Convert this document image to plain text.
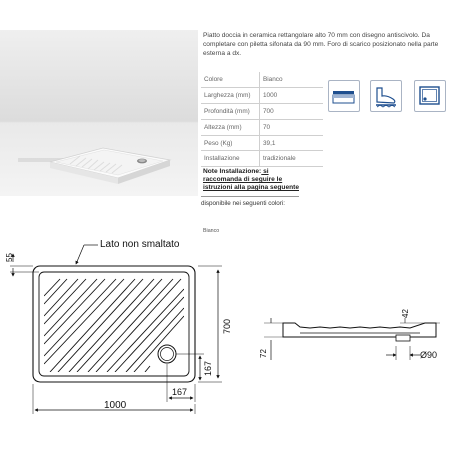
Piatto doccia in ceramica rettangolare alto 70 mm con disegno antiscivolo. Da completare con piletta sifonata da 90 mm. Foro di scarico posizionato nella parte esterna a dx.
Colore	Bianco
Larghezza (mm)	1000
Profondità (mm)	700
Altezza (mm)	70
Peso (Kg)	39,1
Installazione	tradizionale
Note Installazione: si raccomanda di seguire le istruzioni alla pagina seguente
disponibile nei seguenti colori:
Bianco
Lato non smaltato
55
700
167
167
1000
42
72	Ø90
